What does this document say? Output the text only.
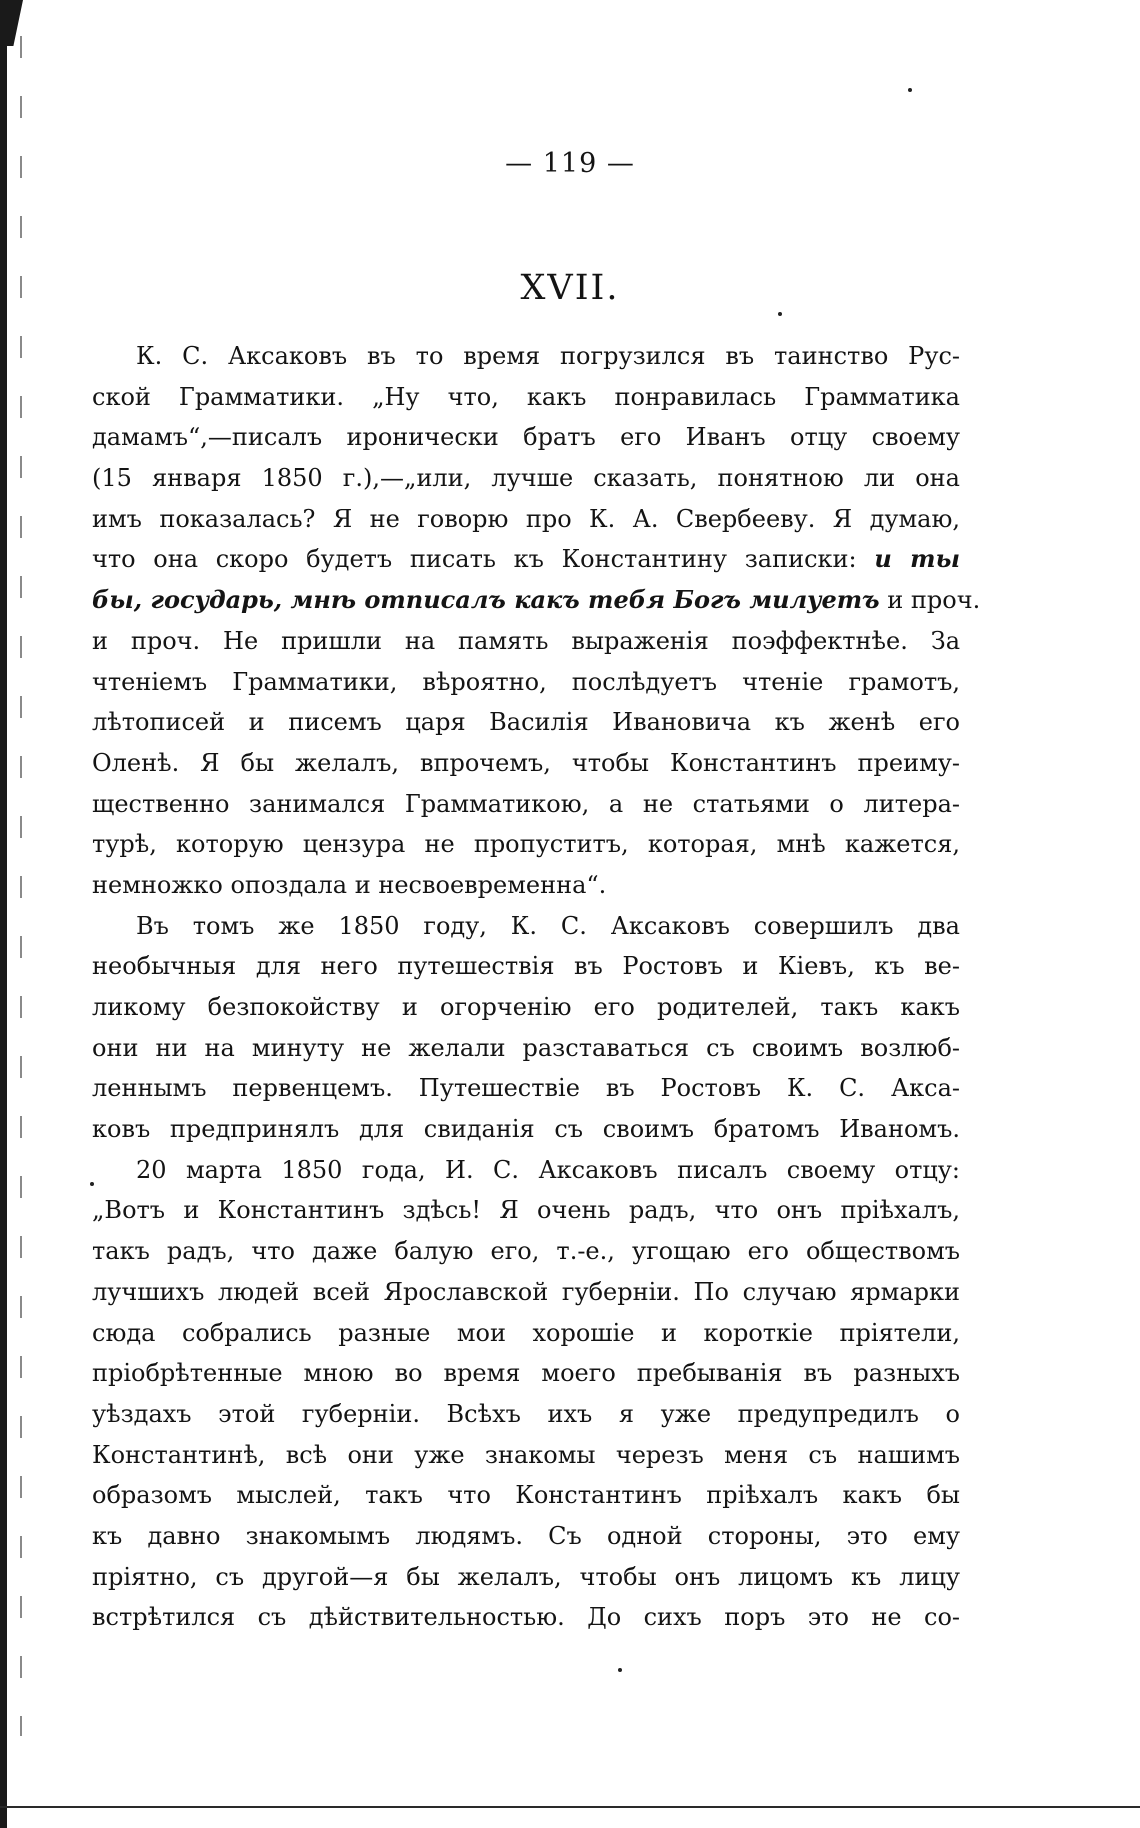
— 119 —
XVII.
К. С. Аксаковъ въ то время погрузился въ таинство Рус-
ской Грамматики. „Ну что, какъ понравилась Грамматика
дамамъ“,—писалъ иронически братъ его Иванъ отцу своему
(15 января 1850 г.),—„или, лучше сказать, понятною ли она
имъ показалась? Я не говорю про К. А. Свербееву. Я думаю,
что она скоро будетъ писать къ Константину записки: и ты
бы, государь, мнѣ отписалъ какъ тебя Богъ милуетъ и проч.
и проч. Не пришли на память выраженія поэффектнѣе. За
чтеніемъ Грамматики, вѣроятно, послѣдуетъ чтеніе грамотъ,
лѣтописей и писемъ царя Василія Ивановича къ женѣ его
Оленѣ. Я бы желалъ, впрочемъ, чтобы Константинъ преиму-
щественно занимался Грамматикою, а не статьями о литера-
турѣ, которую цензура не пропуститъ, которая, мнѣ кажется,
немножко опоздала и несвоевременна“.
Въ томъ же 1850 году, К. С. Аксаковъ совершилъ два
необычныя для него путешествія въ Ростовъ и Кіевъ, къ ве-
ликому безпокойству и огорченію его родителей, такъ какъ
они ни на минуту не желали разставаться съ своимъ возлюб-
леннымъ первенцемъ. Путешествіе въ Ростовъ К. С. Акса-
ковъ предпринялъ для свиданія съ своимъ братомъ Иваномъ.
20 марта 1850 года, И. С. Аксаковъ писалъ своему отцу:
„Вотъ и Константинъ здѣсь! Я очень радъ, что онъ пріѣхалъ,
такъ радъ, что даже балую его, т.-е., угощаю его обществомъ
лучшихъ людей всей Ярославской губерніи. По случаю ярмарки
сюда собрались разные мои хорошіе и короткіе пріятели,
пріобрѣтенные мною во время моего пребыванія въ разныхъ
уѣздахъ этой губерніи. Всѣхъ ихъ я уже предупредилъ о
Константинѣ, всѣ они уже знакомы черезъ меня съ нашимъ
образомъ мыслей, такъ что Константинъ пріѣхалъ какъ бы
къ давно знакомымъ людямъ. Съ одной стороны, это ему
пріятно, съ другой—я бы желалъ, чтобы онъ лицомъ къ лицу
встрѣтился съ дѣйствительностью. До сихъ поръ это не со-
